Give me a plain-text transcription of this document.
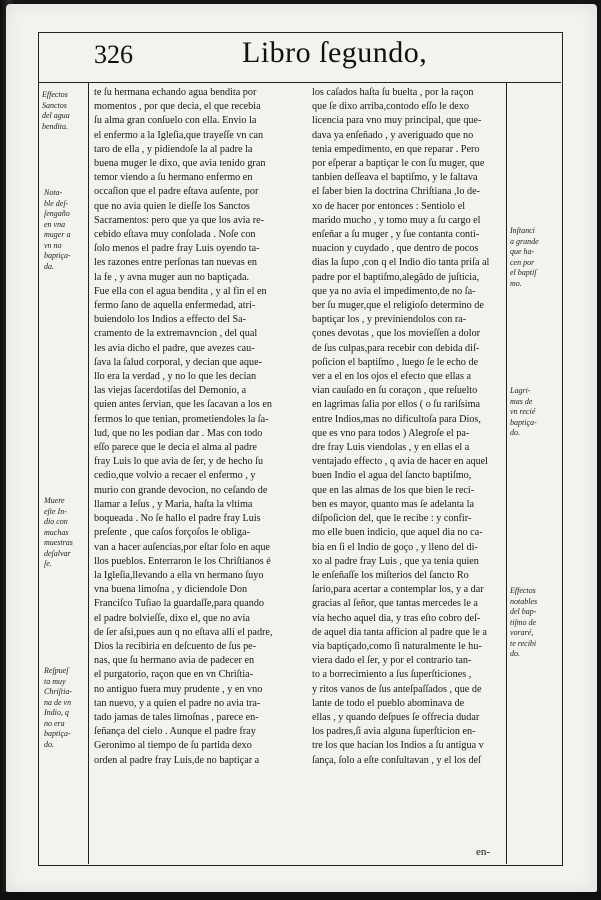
326	Libro ſegundo,
te ſu hermana echando agua bendita por
momentos , por que decia, el que recebia
ſu alma gran conſuelo con ella. Envio la
el enfermo a la Igleſia,que trayeſſe vn can
taro de ella , y pidiendoſe la al padre la
buena muger le dixo, que avia tenido gran
temor viendo a ſu hermano enfermo en
occaſion que el padre eſtava auſente, por
que no avia quien le dieſſe los Sanctos
Sacramentos: pero que ya que los avia re-
cebido eſtava muy conſolada . Noſe con
ſolo menos el padre fray Luis oyendo ta-
les razones entre perſonas tan nuevas en
la fe , y avna muger aun no baptiçada.
Fue ella con el agua bendita , y al fin el en
fermo ſano de aquella enfermedad, atri-
buiendolo los Indios a effecto del Sa-
cramento de la extremavncion , del qual
les avia dicho el padre, que avezes cau-
ſava la ſalud corporal, y decian que aque-
llo era la verdad , y no lo que les decian
las viejas ſacerdotiſas del Demonio, a
quien antes ſervian, que les ſacavan a los en
fermos lo que tenian, prometiendoles la ſa-
lud, que no les podian dar . Mas con todo
eſſo parece que le decia el alma al padre
fray Luis lo que avia de ſer, y de hecho ſu
cedio,que volvio a recaer el enfermo , y
murio con grande devocion, no ceſando de
llamar a Ieſus , y Maria, haſta la vltima
boqueada . No ſe hallo el padre fray Luis
preſente , que caſos forçoſos le obliga-
van a hacer auſencias,por eſtar ſolo en aque
llos pueblos. Enterraron le los Chriſtianos é
la Igleſia,llevando a ella vn hermano ſuyo
vna buena limoſna , y diciendole Don
Franciſco Tuſiao la guardaſſe,para quando
el padre bolvieſſe, dixo el, que no avia
de ſer aſsi,pues aun q no eſtava alli el padre,
Dios la recibiria en deſcuento de ſus pe-
nas, que ſu hermano avia de padecer en
el purgatorio, raçon que en vn Chriſtia-
no antiguo fuera muy prudente , y en vno
tan nuevo, y a quien el padre no avia tra-
tado jamas de tales limoſnas , parece en-
ſeñança del cielo . Aunque el padre fray
Geronimo al tiempo de ſu partida dexo
orden al padre fray Luis,de no baptiçar a
los caſados haſta ſu buelta , por la raçon
que ſe dixo arriba,contodo eſſo le dexo
licencia para vno muy principal, que que-
dava ya enſeñado , y averiguado que no
tenia empedimento, en que reparar . Pero
por eſperar a baptiçar le con ſu muger, que
tanbien deſſeava el baptiſmo, y le faltava
el ſaber bien la doctrina Chriſtiana ,lo de-
xo de hacer por entonces : Sentiolo el
marido mucho , y tomo muy a ſu cargo el
enſeñar a ſu muger , y ſue contanta conti-
nuacion y cuydado , que dentro de pocos
dias la ſupo ,con q el Indio dio tanta priſa al
padre por el baptiſmo,alegãdo de juſticia,
que ya no avia el impedimento,de no ſa-
ber ſu muger,que el religioſo determino de
baptiçar los , y previniendolos con ra-
çones devotas , que los movieſſen a dolor
de ſus culpas,para recebir con debida diſ-
poſicion el baptiſmo , luego ſe le echo de
ver a el en los ojos el efecto que ellas a
vian cauſado en ſu coraçon , que reſuelto
en lagrimas ſalia por ellos ( o ſu rariſsima
entre Indios,mas no dificultoſa para Dios,
que es vno para todos ) Alegroſe el pa-
dre fray Luis viendolas , y en ellas el a
ventajado effecto , q avia de hacer en aquel
buen Indio el agua del ſancto baptiſmo,
que en las almas de los que bien le reci-
ben es mayor, quanto mas ſe adelanta la
diſpoſicion del, que le recibe : y confir-
mo elle buen indicio, que aquel dia no ca-
bia en ſi el Indio de goço , y lleno del di-
xo al padre fray Luis , que ya tenia quien
le enſeñaſſe los miſterios del ſancto Ro
ſario,para acertar a contemplar los, y a dar
gracias al ſeñor, que tantas mercedes le a
via hecho aquel dia, y tras eſto cobro deſ-
de aquel dia tanta afficion al padre que le a
via baptiçado,como ſi naturalmente le hu-
viera dado el ſer, y por el contrario tan-
to a borrecimiento a ſus ſuperſticiones ,
y ritos vanos de ſus anteſpaſſados , que de
lante de todo el pueblo abominava de
ellas , y quando deſpues ſe offrecia dudar
los padres,ſi avia alguna ſuperſticion en-
tre los que hacian los Indios a ſu antigua v
ſança, ſolo a eſte conſultavan , y el los deſ
Effectos
Sanctos
del agua
bendita.
Nota-
ble deſ-
ſengaño
en vna
muger a
vn no
baptiça-
da.
Muere
eſte In-
dio con
muchas
muestras
deſalvar
ſe.
Reſpueſ
ta muy
Chriſtia-
na de vn
Indio, q
no era
baptiça-
do.
Inſtanci
a grande
que ha-
cen por
el baptiſ
mo.
Lagri-
mas de
vn recié
baptiça-
do.
Effectos
notables
del bap-
tiſmo de
voraré,
te recibi
do.
en-
